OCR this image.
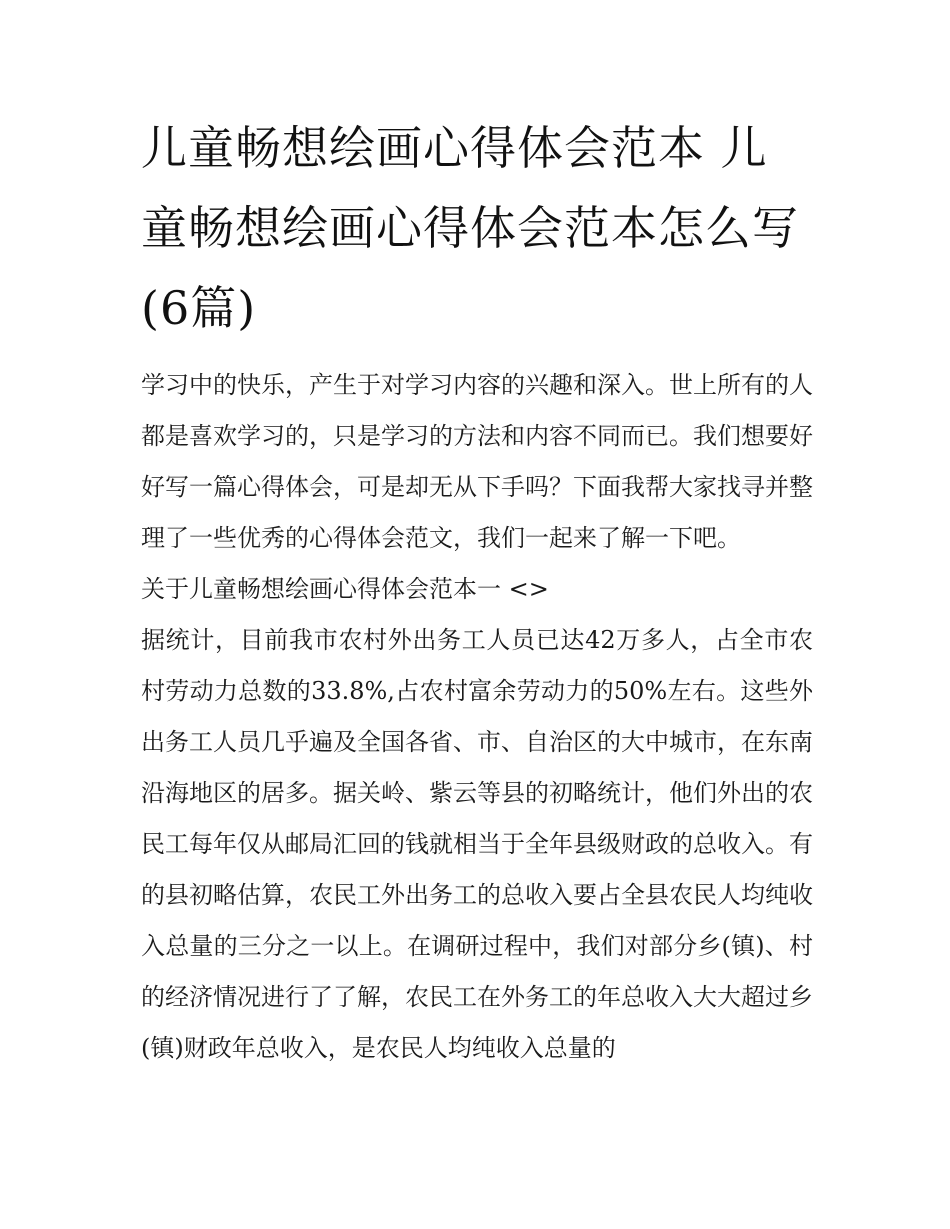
儿童畅想绘画心得体会范本 儿童畅想绘画心得体会范本怎么写(6篇)

学习中的快乐，产生于对学习内容的兴趣和深入。世上所有的人都是喜欢学习的，只是学习的方法和内容不同而已。我们想要好好写一篇心得体会，可是却无从下手吗？下面我帮大家找寻并整理了一些优秀的心得体会范文，我们一起来了解一下吧。

关于儿童畅想绘画心得体会范本一 <>

据统计，目前我市农村外出务工人员已达42万多人，占全市农村劳动力总数的33.8%,占农村富余劳动力的50%左右。这些外出务工人员几乎遍及全国各省、市、自治区的大中城市，在东南沿海地区的居多。据关岭、紫云等县的初略统计，他们外出的农民工每年仅从邮局汇回的钱就相当于全年县级财政的总收入。有的县初略估算，农民工外出务工的总收入要占全县农民人均纯收入总量的三分之一以上。在调研过程中，我们对部分乡(镇)、村的经济情况进行了了解，农民工在外务工的年总收入大大超过乡(镇)财政年总收入，是农民人均纯收入总量的
